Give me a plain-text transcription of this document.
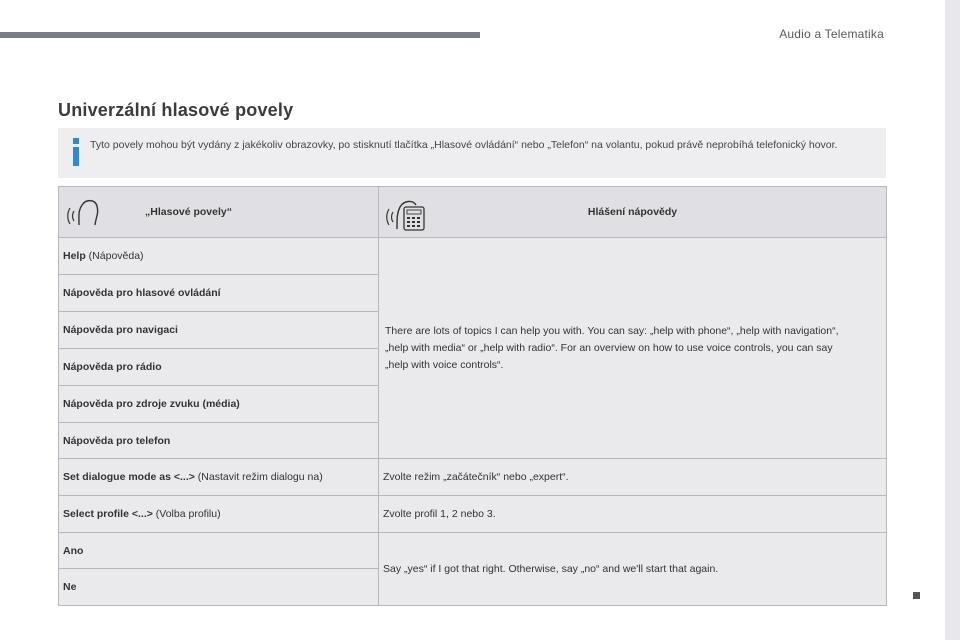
Audio a Telematika
Univerzální hlasové povely
Tyto povely mohou být vydány z jakékoliv obrazovky, po stisknutí tlačítka „Hlasové ovládání“ nebo „Telefon“ na volantu, pokud právě neprobíhá telefonický hovor.
„Hlasové povely“	Hlášení nápovědy

Help (Nápověda)	There are lots of topics I can help you with. You can say: „help with phone“, „help with navigation“, „help with media“ or „help with radio“. For an overview on how to use voice controls, you can say „help with voice controls“.

Nápověda pro hlasové ovládání	
Nápověda pro navigaci	
Nápověda pro rádio	
Nápověda pro zdroje zvuku (média)	
Nápověda pro telefon	
Set dialogue mode as <...> (Nastavit režim dialogu na)	Zvolte režim „začátečník“ nebo „expert“.
Select profile <...> (Volba profilu)	Zvolte profil 1, 2 nebo 3.
Ano	Say „yes“ if I got that right. Otherwise, say „no“ and we'll start that again.
Ne	
